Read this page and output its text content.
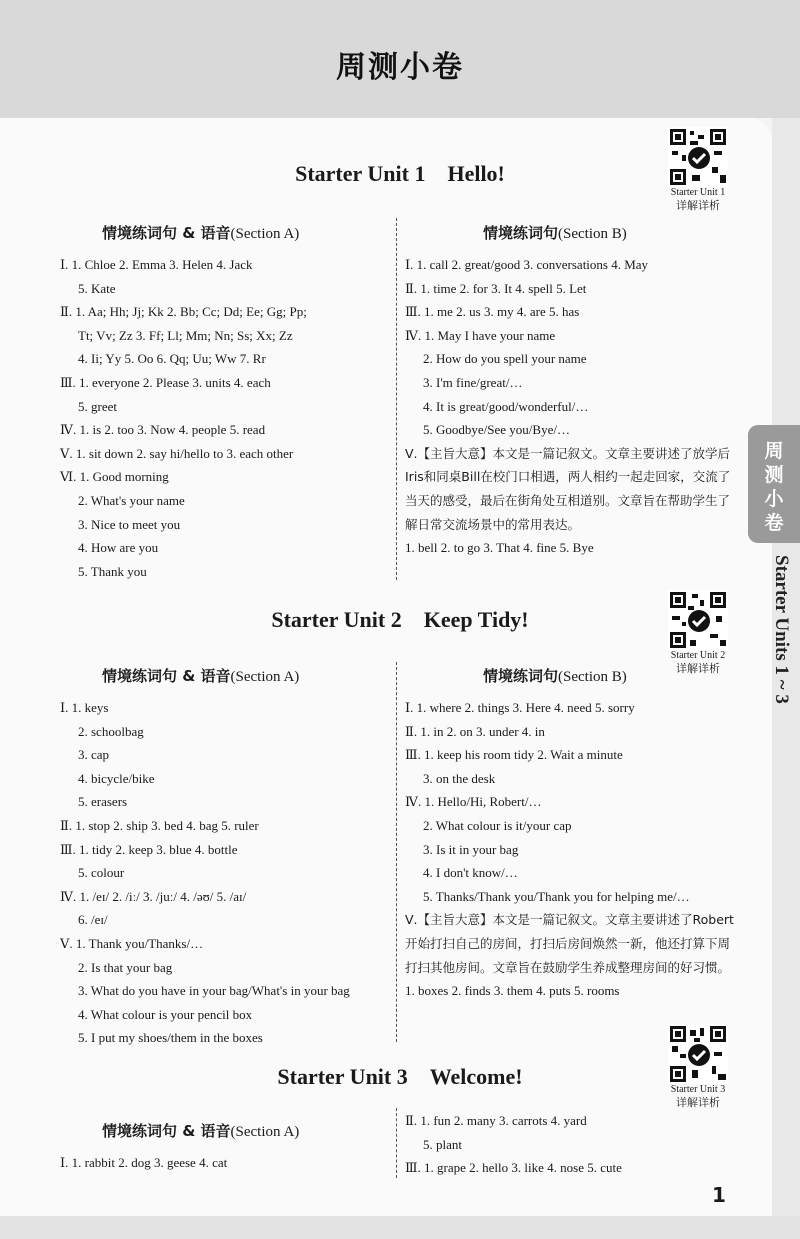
周测小卷
周测小卷
Starter Units 1 ~ 3
Starter Unit 1　Hello!
Starter Unit 1
详解详析
情境练词句 & 语音(Section A)
Ⅰ. 1. Chloe 2. Emma 3. Helen 4. Jack
5. Kate
Ⅱ. 1. Aa; Hh; Jj; Kk 2. Bb; Cc; Dd; Ee; Gg; Pp;
Tt; Vv; Zz 3. Ff; Ll; Mm; Nn; Ss; Xx; Zz
4. Ii; Yy 5. Oo 6. Qq; Uu; Ww 7. Rr
Ⅲ. 1. everyone 2. Please 3. units 4. each
5. greet
Ⅳ. 1. is 2. too 3. Now 4. people 5. read
Ⅴ. 1. sit down 2. say hi/hello to 3. each other
Ⅵ. 1. Good morning
2. What's your name
3. Nice to meet you
4. How are you
5. Thank you
情境练词句(Section B)
Ⅰ. 1. call 2. great/good 3. conversations 4. May
Ⅱ. 1. time 2. for 3. It 4. spell 5. Let
Ⅲ. 1. me 2. us 3. my 4. are 5. has
Ⅳ. 1. May I have your name
2. How do you spell your name
3. I'm fine/great/…
4. It is great/good/wonderful/…
5. Goodbye/See you/Bye/…
Ⅴ.【主旨大意】本文是一篇记叙文。文章主要讲述了放学后Iris和同桌Bill在校门口相遇，两人相约一起走回家，交流了当天的感受，最后在街角处互相道别。文章旨在帮助学生了解日常交流场景中的常用表达。
1. bell 2. to go 3. That 4. fine 5. Bye
Starter Unit 2　Keep Tidy!
Starter Unit 2
详解详析
情境练词句 & 语音(Section A)
Ⅰ. 1. keys
2. schoolbag
3. cap
4. bicycle/bike
5. erasers
Ⅱ. 1. stop 2. ship 3. bed 4. bag 5. ruler
Ⅲ. 1. tidy 2. keep 3. blue 4. bottle
5. colour
Ⅳ. 1. /eɪ/ 2. /iː/ 3. /juː/ 4. /əʊ/ 5. /aɪ/
6. /eɪ/
Ⅴ. 1. Thank you/Thanks/…
2. Is that your bag
3. What do you have in your bag/What's in your bag
4. What colour is your pencil box
5. I put my shoes/them in the boxes
情境练词句(Section B)
Ⅰ. 1. where 2. things 3. Here 4. need 5. sorry
Ⅱ. 1. in 2. on 3. under 4. in
Ⅲ. 1. keep his room tidy 2. Wait a minute
3. on the desk
Ⅳ. 1. Hello/Hi, Robert/…
2. What colour is it/your cap
3. Is it in your bag
4. I don't know/…
5. Thanks/Thank you/Thank you for helping me/…
Ⅴ.【主旨大意】本文是一篇记叙文。文章主要讲述了Robert开始打扫自己的房间，打扫后房间焕然一新，他还打算下周打扫其他房间。文章旨在鼓励学生养成整理房间的好习惯。
1. boxes 2. finds 3. them 4. puts 5. rooms
Starter Unit 3　Welcome!
Starter Unit 3
详解详析
情境练词句 & 语音(Section A)
Ⅰ. 1. rabbit 2. dog 3. geese 4. cat
Ⅱ. 1. fun 2. many 3. carrots 4. yard
5. plant
Ⅲ. 1. grape 2. hello 3. like 4. nose 5. cute
1
